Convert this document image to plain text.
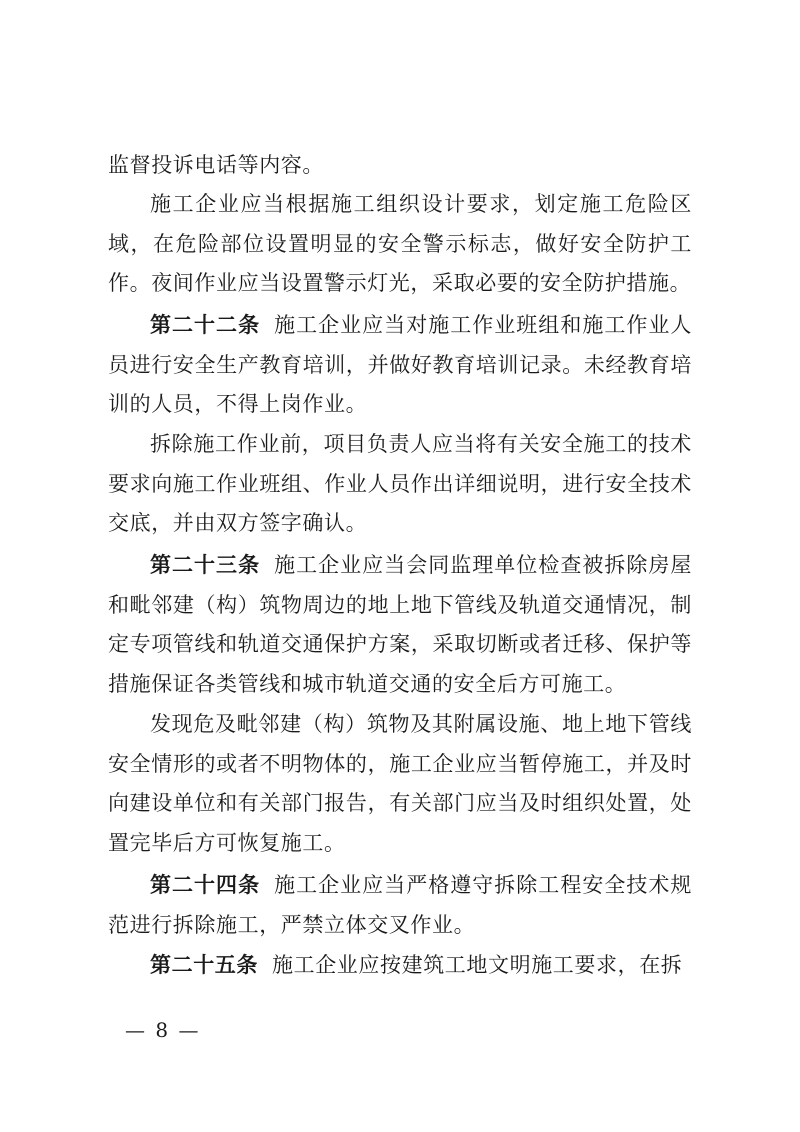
监督投诉电话等内容。

施工企业应当根据施工组织设计要求，划定施工危险区域，在危险部位设置明显的安全警示标志，做好安全防护工作。夜间作业应当设置警示灯光，采取必要的安全防护措施。

第二十二条 施工企业应当对施工作业班组和施工作业人员进行安全生产教育培训，并做好教育培训记录。未经教育培训的人员，不得上岗作业。

拆除施工作业前，项目负责人应当将有关安全施工的技术要求向施工作业班组、作业人员作出详细说明，进行安全技术交底，并由双方签字确认。

第二十三条 施工企业应当会同监理单位检查被拆除房屋和毗邻建（构）筑物周边的地上地下管线及轨道交通情况，制定专项管线和轨道交通保护方案，采取切断或者迁移、保护等措施保证各类管线和城市轨道交通的安全后方可施工。

发现危及毗邻建（构）筑物及其附属设施、地上地下管线安全情形的或者不明物体的，施工企业应当暂停施工，并及时向建设单位和有关部门报告，有关部门应当及时组织处置，处置完毕后方可恢复施工。

第二十四条 施工企业应当严格遵守拆除工程安全技术规范进行拆除施工，严禁立体交叉作业。

第二十五条 施工企业应按建筑工地文明施工要求，在拆

— 8 —
